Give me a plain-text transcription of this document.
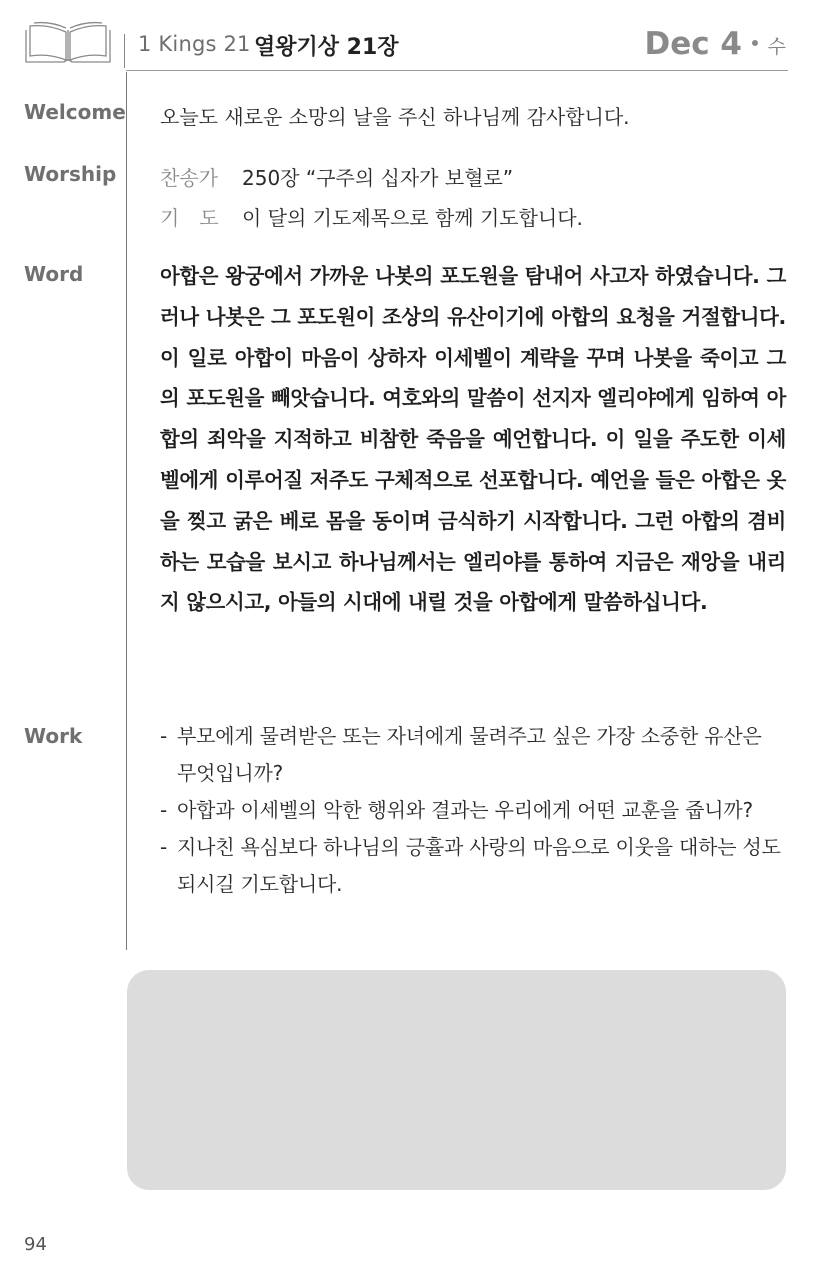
1 Kings 21 열왕기상 21장	Dec 4 수
Welcome 오늘도 새로운 소망의 날을 주신 하나님께 감사합니다.
Worship 찬송가 250장 “구주의 십자가 보혈로”
기　도 이 달의 기도제목으로 함께 기도합니다.
Word	아합은 왕궁에서 가까운 나봇의 포도원을 탐내어 사고자 하였습니다. 그러나 나봇은 그 포도원이 조상의 유산이기에 아합의 요청을 거절합니다. 이 일로 아합이 마음이 상하자 이세벨이 계략을 꾸며 나봇을 죽이고 그의 포도원을 빼앗습니다. 여호와의 말씀이 선지자 엘리야에게 임하여 아합의 죄악을 지적하고 비참한 죽음을 예언합니다. 이 일을 주도한 이세벨에게 이루어질 저주도 구체적으로 선포합니다. 예언을 들은 아합은 옷을 찢고 굵은 베로 몸을 동이며 금식하기 시작합니다. 그런 아합의 겸비하는 모습을 보시고 하나님께서는 엘리야를 통하여 지금은 재앙을 내리지 않으시고, 아들의 시대에 내릴 것을 아합에게 말씀하십니다.
Work	- 부모에게 물려받은 또는 자녀에게 물려주고 싶은 가장 소중한 유산은 무엇입니까?
- 아합과 이세벨의 악한 행위와 결과는 우리에게 어떤 교훈을 줍니까?
- 지나친 욕심보다 하나님의 긍휼과 사랑의 마음으로 이웃을 대하는 성도 되시길 기도합니다.
94
